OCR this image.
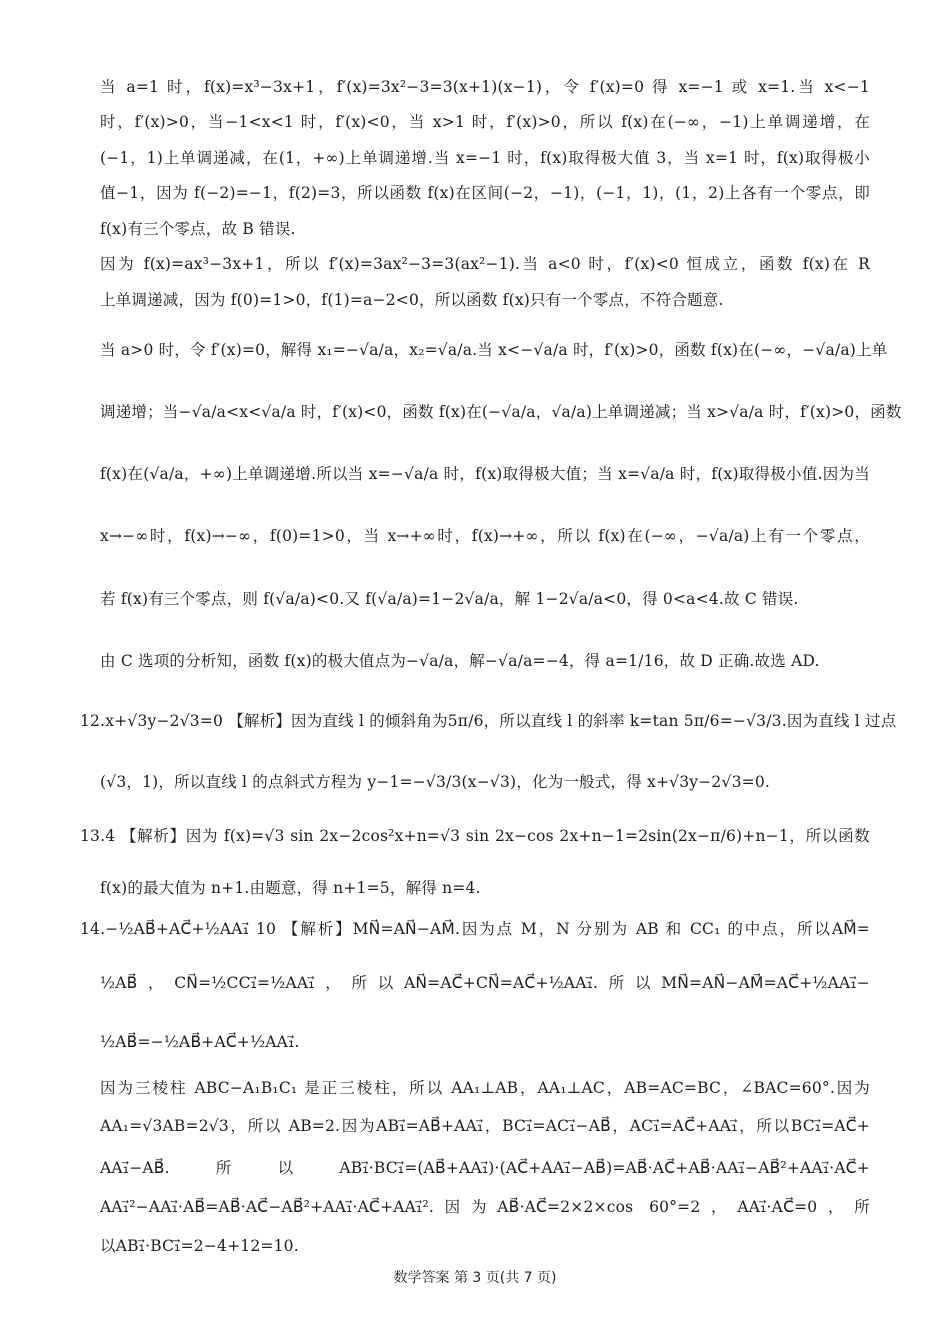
当 a=1 时，f(x)=x³−3x+1，f′(x)=3x²−3=3(x+1)(x−1)，令 f′(x)=0 得 x=−1 或 x=1.当 x<−1
时，f′(x)>0，当−1<x<1 时，f′(x)<0，当 x>1 时，f′(x)>0，所以 f(x)在(−∞，−1)上单调递增，在
(−1，1)上单调递减，在(1，+∞)上单调递增.当 x=−1 时，f(x)取得极大值 3，当 x=1 时，f(x)取得极小
值−1，因为 f(−2)=−1，f(2)=3，所以函数 f(x)在区间(−2，−1)，(−1，1)，(1，2)上各有一个零点，即
f(x)有三个零点，故 B 错误.
因为 f(x)=ax³−3x+1，所以 f′(x)=3ax²−3=3(ax²−1).当 a<0 时，f′(x)<0 恒成立，函数 f(x)在 R
上单调递减，因为 f(0)=1>0，f(1)=a−2<0，所以函数 f(x)只有一个零点，不符合题意.
当 a>0 时，令 f′(x)=0，解得 x₁=−√a/a，x₂=√a/a.当 x<−√a/a 时，f′(x)>0，函数 f(x)在(−∞，−√a/a)上单
调递增；当−√a/a<x<√a/a 时，f′(x)<0，函数 f(x)在(−√a/a，√a/a)上单调递减；当 x>√a/a 时，f′(x)>0，函数
f(x)在(√a/a，+∞)上单调递增.所以当 x=−√a/a 时，f(x)取得极大值；当 x=√a/a 时，f(x)取得极小值.因为当
x→−∞时，f(x)→−∞，f(0)=1>0，当 x→+∞时，f(x)→+∞，所以 f(x)在(−∞，−√a/a)上有一个零点，
若 f(x)有三个零点，则 f(√a/a)<0.又 f(√a/a)=1−2√a/a，解 1−2√a/a<0，得 0<a<4.故 C 错误.
由 C 选项的分析知，函数 f(x)的极大值点为−√a/a，解−√a/a=−4，得 a=1/16，故 D 正确.故选 AD.
12.x+√3y−2√3=0 【解析】因为直线 l 的倾斜角为5π/6，所以直线 l 的斜率 k=tan 5π/6=−√3/3.因为直线 l 过点
(√3，1)，所以直线 l 的点斜式方程为 y−1=−√3/3(x−√3)，化为一般式，得 x+√3y−2√3=0.
13.4 【解析】因为 f(x)=√3 sin 2x−2cos²x+n=√3 sin 2x−cos 2x+n−1=2sin(2x−π/6)+n−1，所以函数
f(x)的最大值为 n+1.由题意，得 n+1=5，解得 n=4.
14.−½AB⃗+AC⃗+½AA₁⃗ 10 【解析】MN⃗=AN⃗−AM⃗.因为点 M，N 分别为 AB 和 CC₁ 的中点，所以AM⃗=
½AB⃗，CN⃗=½CC₁⃗=½AA₁⃗，所以AN⃗=AC⃗+CN⃗=AC⃗+½AA₁⃗.所以MN⃗=AN⃗−AM⃗=AC⃗+½AA₁⃗−
½AB⃗=−½AB⃗+AC⃗+½AA₁⃗.
因为三棱柱 ABC−A₁B₁C₁ 是正三棱柱，所以 AA₁⊥AB，AA₁⊥AC，AB=AC=BC，∠BAC=60°.因为
AA₁=√3AB=2√3，所以 AB=2.因为AB₁⃗=AB⃗+AA₁⃗，BC₁⃗=AC₁⃗−AB⃗，AC₁⃗=AC⃗+AA₁⃗，所以BC₁⃗=AC⃗+
AA₁⃗−AB⃗.所以AB₁⃗·BC₁⃗=(AB⃗+AA₁⃗)·(AC⃗+AA₁⃗−AB⃗)=AB⃗·AC⃗+AB⃗·AA₁⃗−AB⃗²+AA₁⃗·AC⃗+
AA₁⃗²−AA₁⃗·AB⃗=AB⃗·AC⃗−AB⃗²+AA₁⃗·AC⃗+AA₁⃗².因为AB⃗·AC⃗=2×2×cos 60°=2，AA₁⃗·AC⃗=0，所
以AB₁⃗·BC₁⃗=2−4+12=10.
数学答案 第 3 页(共 7 页)
